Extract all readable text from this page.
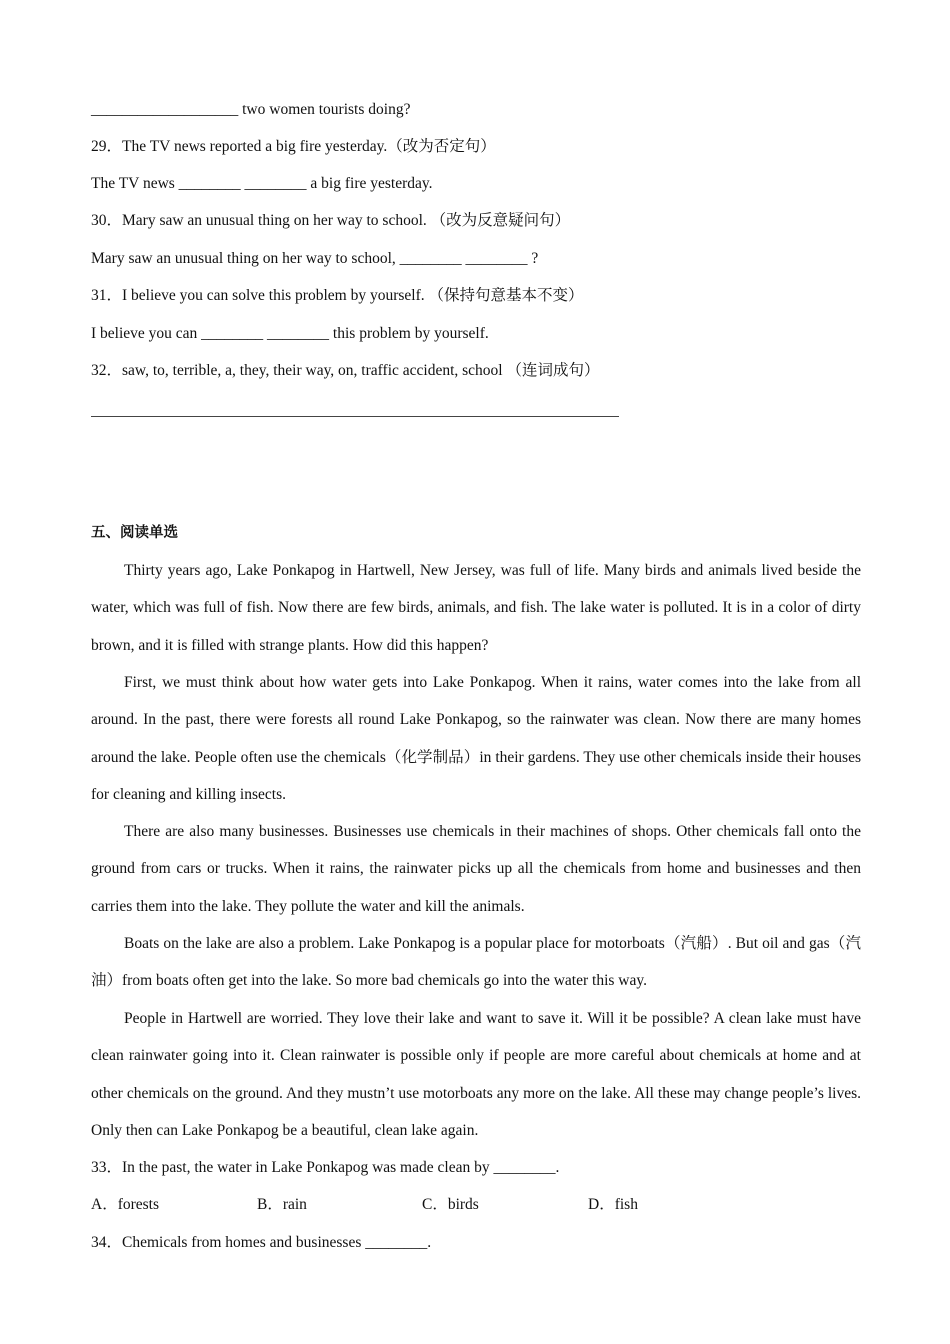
___________________ two women tourists doing?
29．The TV news reported a big fire yesterday.（改为否定句）
The TV news ________ ________ a big fire yesterday.
30．Mary saw an unusual thing on her way to school. （改为反意疑问句）
Mary saw an unusual thing on her way to school, ________ ________ ?
31．I believe you can solve this problem by yourself. （保持句意基本不变）
I believe you can ________ ________ this problem by yourself.
32．saw, to, terrible, a, they, their way, on, traffic accident, school （连词成句）
五、阅读单选
Thirty years ago, Lake Ponkapog in Hartwell, New Jersey, was full of life. Many birds and animals lived beside the water, which was full of fish. Now there are few birds, animals, and fish. The lake water is polluted. It is in a color of dirty brown, and it is filled with strange plants. How did this happen?
First, we must think about how water gets into Lake Ponkapog. When it rains, water comes into the lake from all around. In the past, there were forests all round Lake Ponkapog, so the rainwater was clean. Now there are many homes around the lake. People often use the chemicals（化学制品）in their gardens. They use other chemicals inside their houses for cleaning and killing insects.
There are also many businesses. Businesses use chemicals in their machines of shops. Other chemicals fall onto the ground from cars or trucks. When it rains, the rainwater picks up all the chemicals from home and businesses and then carries them into the lake. They pollute the water and kill the animals.
Boats on the lake are also a problem. Lake Ponkapog is a popular place for motorboats（汽船）. But oil and gas（汽油）from boats often get into the lake. So more bad chemicals go into the water this way.
People in Hartwell are worried. They love their lake and want to save it. Will it be possible? A clean lake must have clean rainwater going into it. Clean rainwater is possible only if people are more careful about chemicals at home and at other chemicals on the ground. And they mustn’t use motorboats any more on the lake. All these may change people’s lives. Only then can Lake Ponkapog be a beautiful, clean lake again.
33．In the past, the water in Lake Ponkapog was made clean by ________.
A．forests	B．rain	C．birds	D．fish
34．Chemicals from homes and businesses ________.
